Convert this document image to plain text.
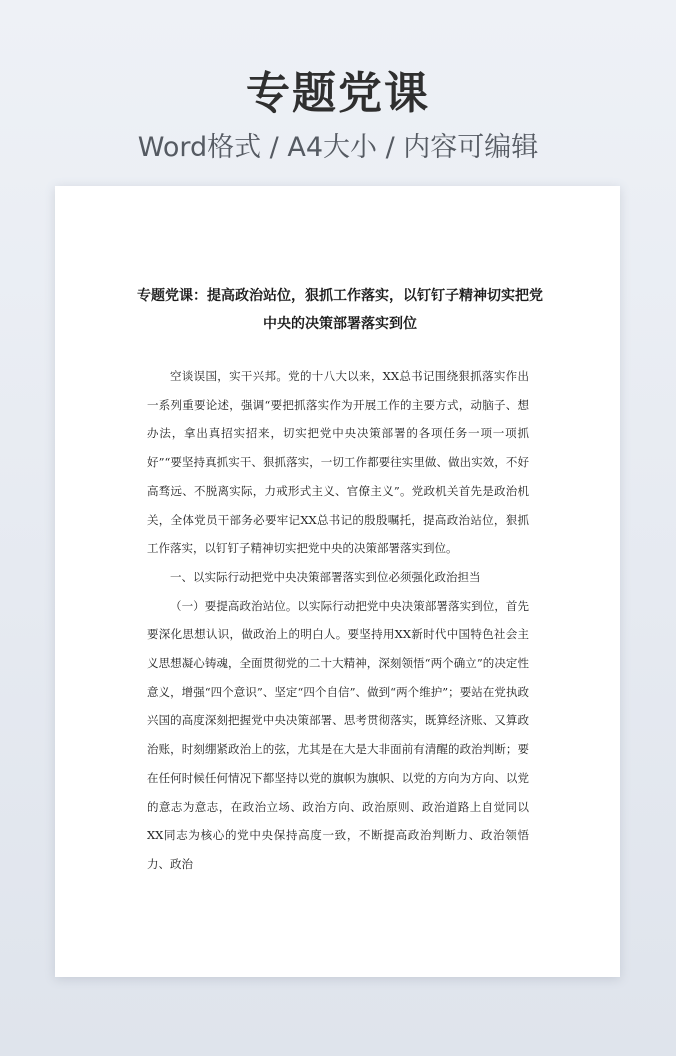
专题党课
Word格式 / A4大小 / 内容可编辑
专题党课：提高政治站位，狠抓工作落实，以钉钉子精神切实把党中央的决策部署落实到位

空谈误国，实干兴邦。党的十八大以来，XX总书记围绕狠抓落实作出一系列重要论述，强调“要把抓落实作为开展工作的主要方式，动脑子、想办法，拿出真招实招来，切实把党中央决策部署的各项任务一项一项抓好”“要坚持真抓实干、狠抓落实，一切工作都要往实里做、做出实效，不好高骛远、不脱离实际，力戒形式主义、官僚主义”。党政机关首先是政治机关，全体党员干部务必要牢记XX总书记的殷殷嘱托，提高政治站位，狠抓工作落实，以钉钉子精神切实把党中央的决策部署落实到位。

一、以实际行动把党中央决策部署落实到位必须强化政治担当

（一）要提高政治站位。以实际行动把党中央决策部署落实到位，首先要深化思想认识，做政治上的明白人。要坚持用XX新时代中国特色社会主义思想凝心铸魂，全面贯彻党的二十大精神，深刻领悟“两个确立”的决定性意义，增强“四个意识”、坚定“四个自信”、做到“两个维护”；要站在党执政兴国的高度深刻把握党中央决策部署、思考贯彻落实，既算经济账、又算政治账，时刻绷紧政治上的弦，尤其是在大是大非面前有清醒的政治判断；要在任何时候任何情况下都坚持以党的旗帜为旗帜、以党的方向为方向、以党的意志为意志，在政治立场、政治方向、政治原则、政治道路上自觉同以XX同志为核心的党中央保持高度一致，不断提高政治判断力、政治领悟力、政治
